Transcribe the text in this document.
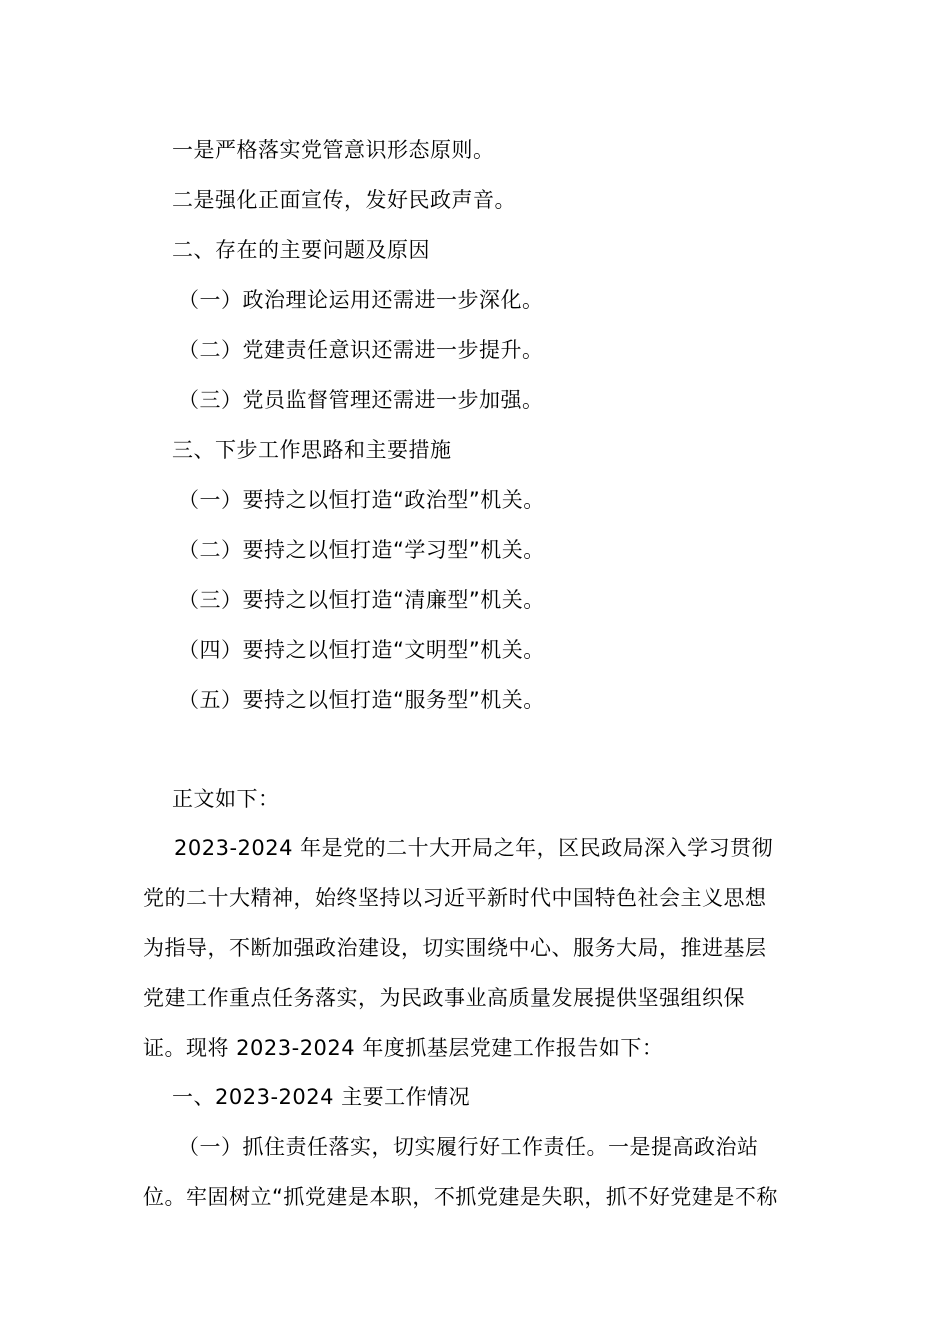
一是严格落实党管意识形态原则。
二是强化正面宣传，发好民政声音。
二、存在的主要问题及原因
（一）政治理论运用还需进一步深化。
（二）党建责任意识还需进一步提升。
（三）党员监督管理还需进一步加强。
三、下步工作思路和主要措施
（一）要持之以恒打造“政治型”机关。
（二）要持之以恒打造“学习型”机关。
（三）要持之以恒打造“清廉型”机关。
（四）要持之以恒打造“文明型”机关。
（五）要持之以恒打造“服务型”机关。
正文如下：
2023-2024 年是党的二十大开局之年，区民政局深入学习贯彻
党的二十大精神，始终坚持以习近平新时代中国特色社会主义思想
为指导，不断加强政治建设，切实围绕中心、服务大局，推进基层
党建工作重点任务落实，为民政事业高质量发展提供坚强组织保
证。现将 2023-2024 年度抓基层党建工作报告如下：
一、2023-2024 主要工作情况
（一）抓住责任落实，切实履行好工作责任。一是提高政治站
位。牢固树立“抓党建是本职，不抓党建是失职，抓不好党建是不称
